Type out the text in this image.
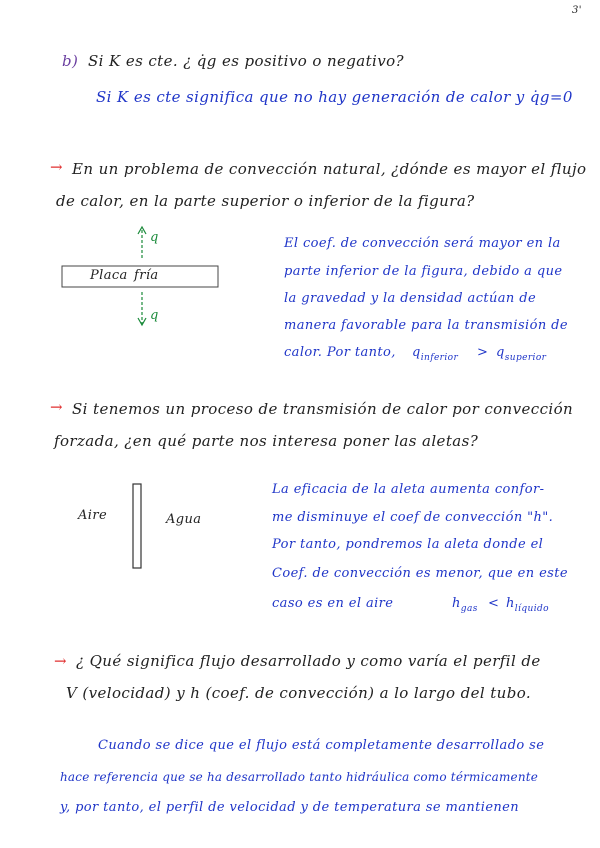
3'
b) Si K es cte. ¿ q̇g es positivo o negativo?
Si K es cte significa que no hay generación de calor y q̇g=0
→ En un problema de convección natural, ¿dónde es mayor el flujo
de calor, en la parte superior o inferior de la figura?
Placa fría
q
q
El coef. de convección será mayor en la
parte inferior de la figura, debido a que
la gravedad y la densidad actúan de
manera favorable para la transmisión de
calor. Por tanto, $q_{inferior} > q_{superior}$
→ Si tenemos un proceso de transmisión de calor por convección
forzada, ¿en qué parte nos interesa poner las aletas?
Aire	Agua
La eficacia de la aleta aumenta confor-
me disminuye el coef de convección "h".
Por tanto, pondremos la aleta donde el
Coef. de convección es menor, que en este
caso es en el aire	$h_{gas} < h_{líquido}$
→ ¿ Qué significa flujo desarrollado y como varía el perfil de
V (velocidad) y h (coef. de convección) a lo largo del tubo.
Cuando se dice que el flujo está completamente desarrollado se
hace referencia que se ha desarrollado tanto hidráulica como térmicamente
y, por tanto, el perfil de velocidad y de temperatura se mantienen
